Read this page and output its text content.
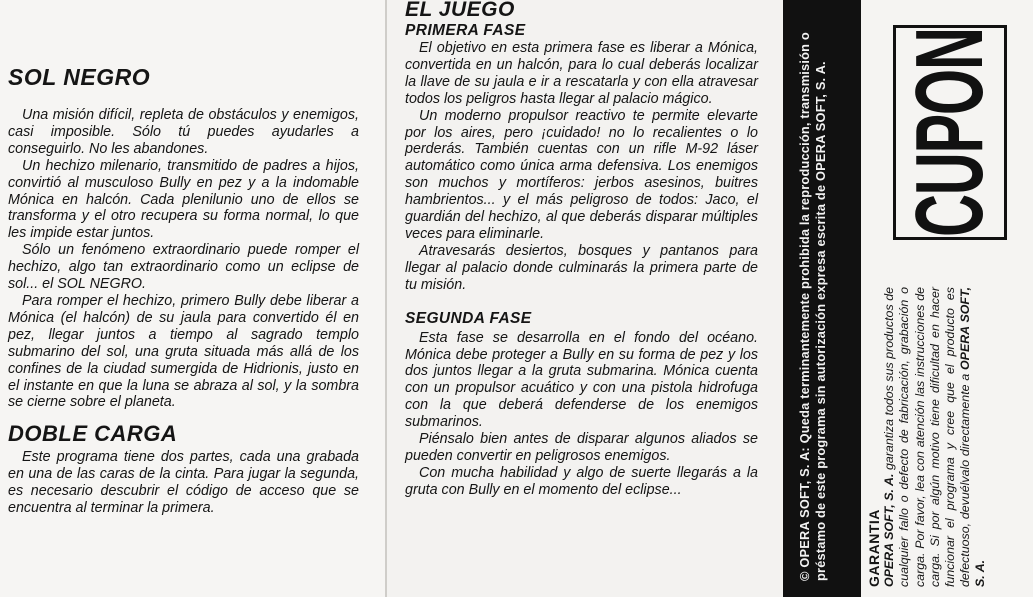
SOL NEGRO

Una misión difícil, repleta de obstáculos y enemigos, casi imposible. Sólo tú puedes ayudarles a conseguirlo. No les abandones.

Un hechizo milenario, transmitido de padres a hijos, convirtió al musculoso Bully en pez y a la indomable Mónica en halcón. Cada plenilunio uno de ellos se transforma y el otro recupera su forma normal, lo que les impide estar juntos.

Sólo un fenómeno extraordinario puede romper el hechizo, algo tan extraordinario como un eclipse de sol... el SOL NEGRO.

Para romper el hechizo, primero Bully debe liberar a Mónica (el halcón) de su jaula para convertido él en pez, llegar juntos a tiempo al sagrado templo submarino del sol, una gruta situada más allá de los confines de la ciudad sumergida de Hidrionis, justo en el instante en que la luna se abraza al sol, y la sombra se cierne sobre el planeta.

DOBLE CARGA

Este programa tiene dos partes, cada una grabada en una de las caras de la cinta. Para jugar la segunda, es necesario descubrir el código de acceso que se encuentra al terminar la primera.

EL JUEGO
PRIMERA FASE

El objetivo en esta primera fase es liberar a Mónica, convertida en un halcón, para lo cual deberás localizar la llave de su jaula e ir a rescatarla y con ella atravesar todos los peligros hasta llegar al palacio mágico.

Un moderno propulsor reactivo te permite elevarte por los aires, pero ¡cuidado! no lo recalientes o lo perderás. También cuentas con un rifle M-92 láser automático como única arma defensiva. Los enemigos son muchos y mortíferos: jerbos asesinos, buitres hambrientos... y el más peligroso de todos: Jaco, el guardián del hechizo, al que deberás disparar múltiples veces para eliminarle.

Atravesarás desiertos, bosques y pantanos para llegar al palacio donde culminarás la primera parte de tu misión.

SEGUNDA FASE

Esta fase se desarrolla en el fondo del océano. Mónica debe proteger a Bully en su forma de pez y los dos juntos llegar a la gruta submarina. Mónica cuenta con un propulsor acuático y con una pistola hidrofuga con la que deberá defenderse de los enemigos submarinos.

Piénsalo bien antes de disparar algunos aliados se pueden convertir en peligrosos enemigos.

Con mucha habilidad y algo de suerte llegarás a la gruta con Bully en el momento del eclipse...	© OPERA SOFT, S. A: Queda terminantemente prohibida la reproducción, transmisión o préstamo de este programa sin autorización expresa escrita de OPERA SOFT, S. A.	GARANTIA OPERA SOFT, S. A. garantiza todos sus productos de cualquier fallo o defecto de fabricación, grabación o carga. Por favor, lea con atención las instrucciones de carga. Si por algún motivo tiene dificultad en hacer funcionar el programa y cree que el producto es defectuoso, devuélvalo directamente a OPERA SOFT, S. A.
CUPON
